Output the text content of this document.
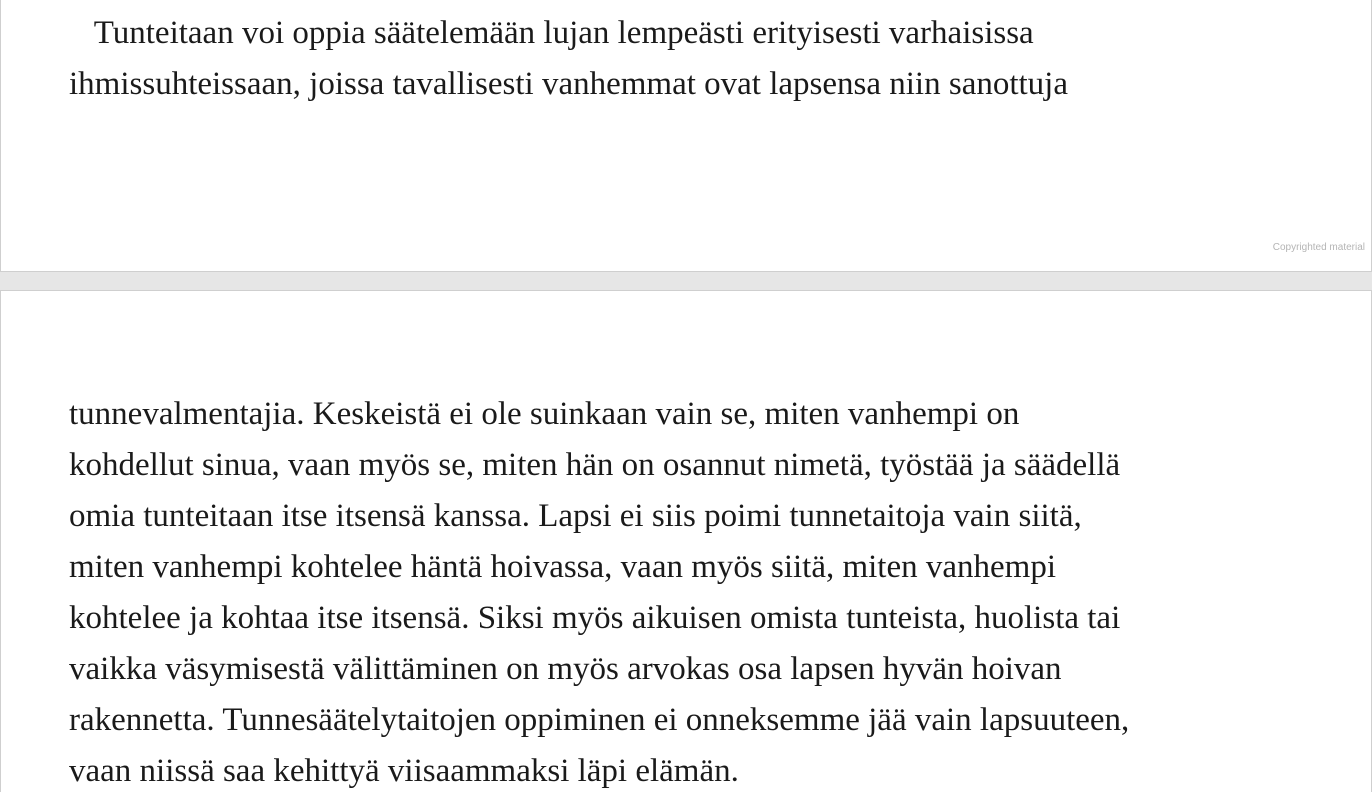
Tunteitaan voi oppia säätelemään lujan lempeästi erityisesti varhaisissa

ihmissuhteissaan, joissa tavallisesti vanhemmat ovat lapsensa niin sanottuja

Copyrighted material

tunnevalmentajia. Keskeistä ei ole suinkaan vain se, miten vanhempi on

kohdellut sinua, vaan myös se, miten hän on osannut nimetä, työstää ja säädellä

omia tunteitaan itse itsensä kanssa. Lapsi ei siis poimi tunnetaitoja vain siitä,

miten vanhempi kohtelee häntä hoivassa, vaan myös siitä, miten vanhempi

kohtelee ja kohtaa itse itsensä. Siksi myös aikuisen omista tunteista, huolista tai

vaikka väsymisestä välittäminen on myös arvokas osa lapsen hyvän hoivan

rakennetta. Tunnesäätelytaitojen oppiminen ei onneksemme jää vain lapsuuteen,

vaan niissä saa kehittyä viisaammaksi läpi elämän.
